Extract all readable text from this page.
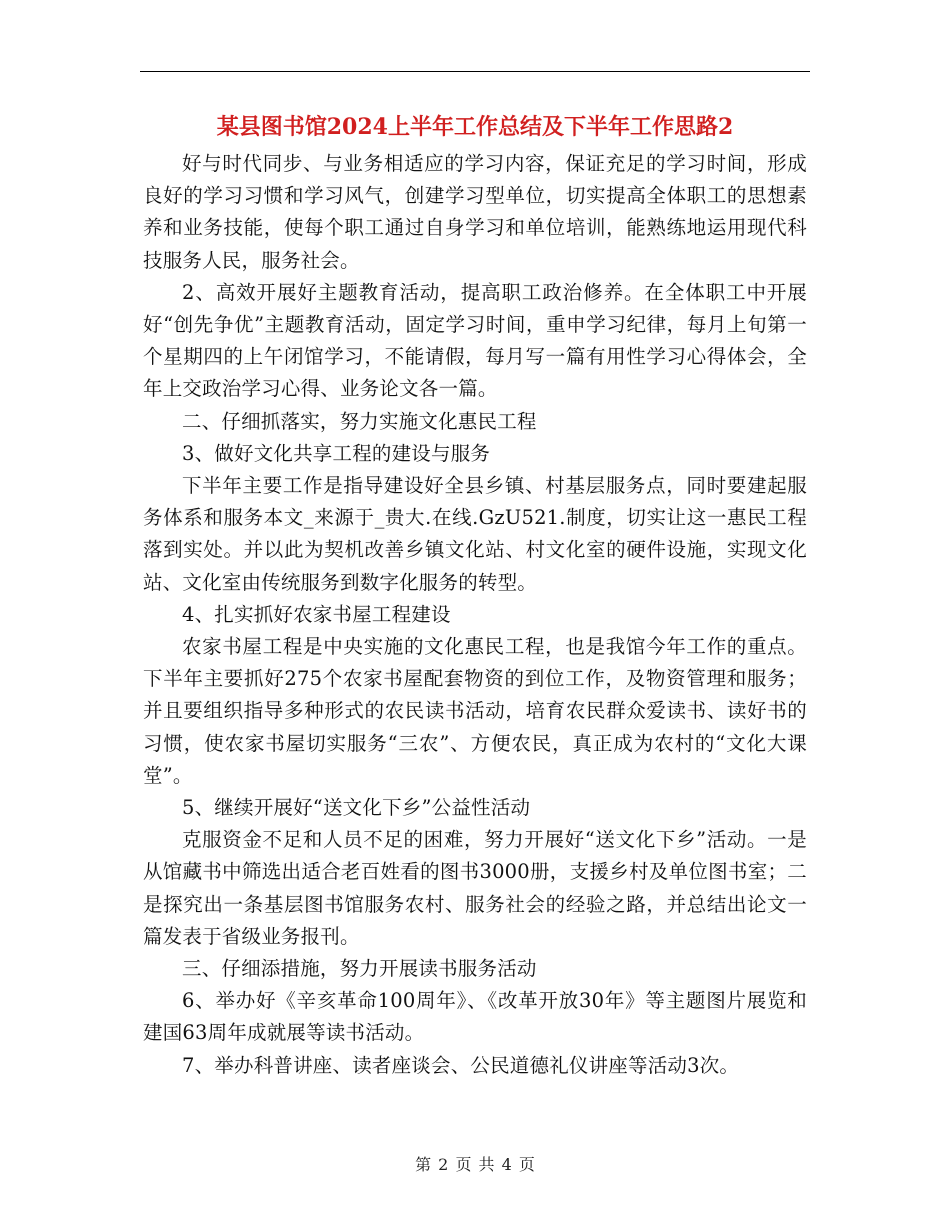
某县图书馆2024上半年工作总结及下半年工作思路2

好与时代同步、与业务相适应的学习内容，保证充足的学习时间，形成良好的学习习惯和学习风气，创建学习型单位，切实提高全体职工的思想素养和业务技能，使每个职工通过自身学习和单位培训，能熟练地运用现代科技服务人民，服务社会。

2、高效开展好主题教育活动，提高职工政治修养。在全体职工中开展好“创先争优”主题教育活动，固定学习时间，重申学习纪律，每月上旬第一个星期四的上午闭馆学习，不能请假，每月写一篇有用性学习心得体会，全年上交政治学习心得、业务论文各一篇。

二、仔细抓落实，努力实施文化惠民工程

3、做好文化共享工程的建设与服务

下半年主要工作是指导建设好全县乡镇、村基层服务点，同时要建起服务体系和服务本文_来源于_贵大.在线.GzU521.制度，切实让这一惠民工程落到实处。并以此为契机改善乡镇文化站、村文化室的硬件设施，实现文化站、文化室由传统服务到数字化服务的转型。

4、扎实抓好农家书屋工程建设

农家书屋工程是中央实施的文化惠民工程，也是我馆今年工作的重点。下半年主要抓好275个农家书屋配套物资的到位工作，及物资管理和服务；并且要组织指导多种形式的农民读书活动，培育农民群众爱读书、读好书的习惯，使农家书屋切实服务“三农”、方便农民，真正成为农村的“文化大课堂”。

5、继续开展好“送文化下乡”公益性活动

克服资金不足和人员不足的困难，努力开展好“送文化下乡”活动。一是从馆藏书中筛选出适合老百姓看的图书3000册，支援乡村及单位图书室；二是探究出一条基层图书馆服务农村、服务社会的经验之路，并总结出论文一篇发表于省级业务报刊。

三、仔细添措施，努力开展读书服务活动

6、举办好《辛亥革命100周年》、《改革开放30年》等主题图片展览和建国63周年成就展等读书活动。

7、举办科普讲座、读者座谈会、公民道德礼仪讲座等活动3次。

第 2 页 共 4 页
